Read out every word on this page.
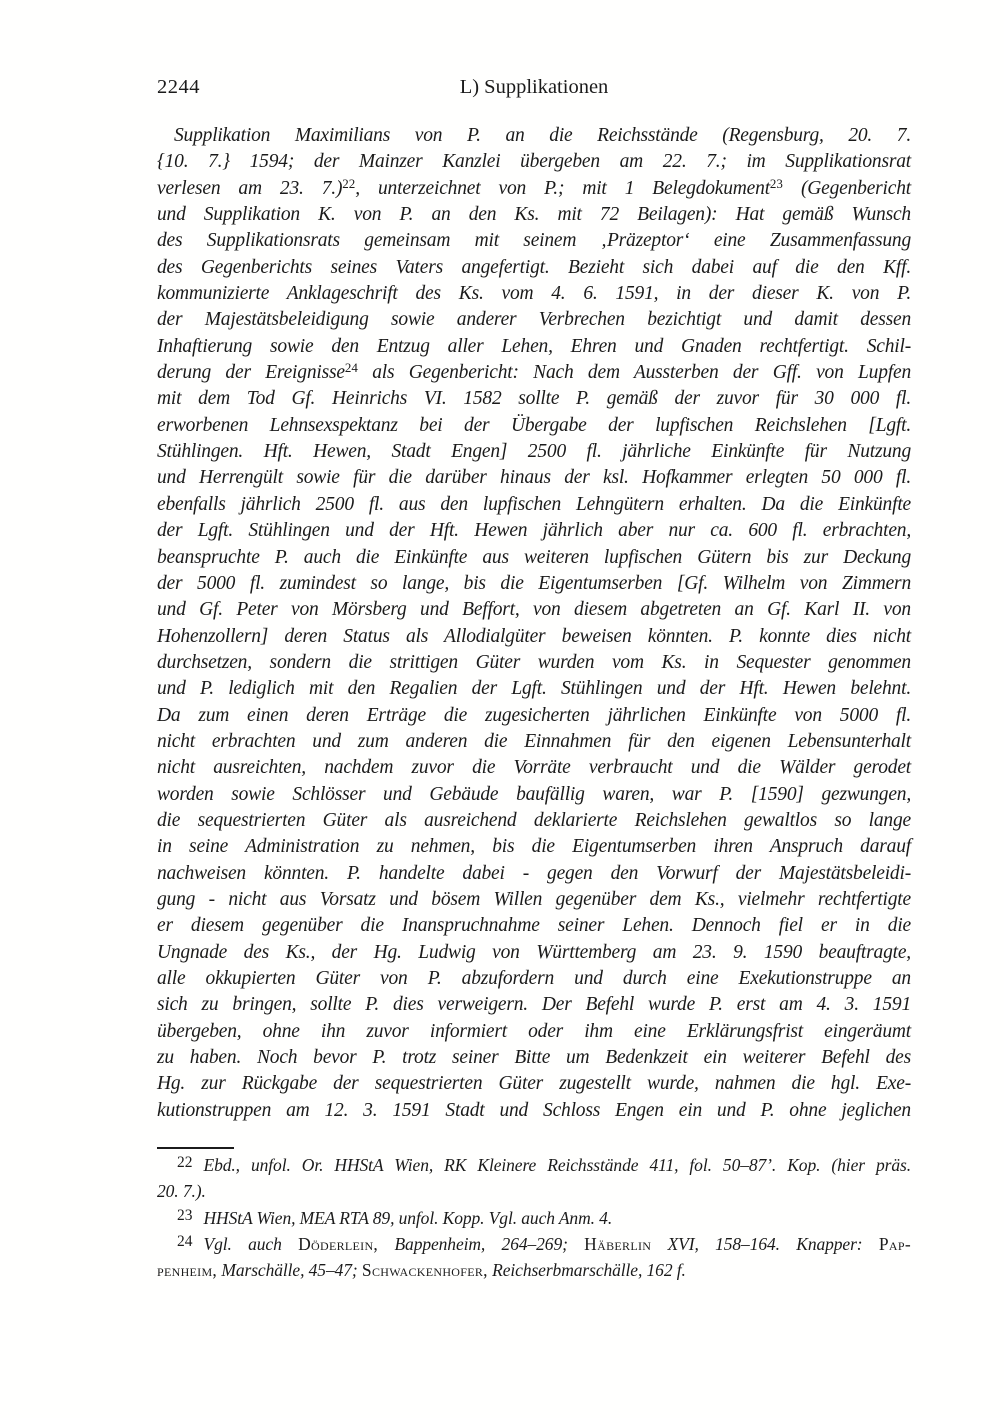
2244	L) Supplikationen
Supplikation Maximilians von P. an die Reichsstände (Regensburg, 20. 7.
{10. 7.} 1594; der Mainzer Kanzlei übergeben am 22. 7.; im Supplikationsrat
verlesen am 23. 7.)$^{22}$, unterzeichnet von P.; mit 1 Belegdokument$^{23}$ (Gegenbericht
und Supplikation K. von P. an den Ks. mit 72 Beilagen): Hat gemäß Wunsch
des Supplikationsrats gemeinsam mit seinem ‚Präzeptor‘ eine Zusammenfassung
des Gegenberichts seines Vaters angefertigt. Bezieht sich dabei auf die den Kff.
kommunizierte Anklageschrift des Ks. vom 4. 6. 1591, in der dieser K. von P.
der Majestätsbeleidigung sowie anderer Verbrechen bezichtigt und damit dessen
Inhaftierung sowie den Entzug aller Lehen, Ehren und Gnaden rechtfertigt. Schil-
derung der Ereignisse$^{24}$ als Gegenbericht: Nach dem Aussterben der Gff. von Lupfen
mit dem Tod Gf. Heinrichs VI. 1582 sollte P. gemäß der zuvor für 30 000 fl.
erworbenen Lehnsexspektanz bei der Übergabe der lupfischen Reichslehen [Lgft.
Stühlingen. Hft. Hewen, Stadt Engen] 2500 fl. jährliche Einkünfte für Nutzung
und Herrengült sowie für die darüber hinaus der ksl. Hofkammer erlegten 50 000 fl.
ebenfalls jährlich 2500 fl. aus den lupfischen Lehngütern erhalten. Da die Einkünfte
der Lgft. Stühlingen und der Hft. Hewen jährlich aber nur ca. 600 fl. erbrachten,
beanspruchte P. auch die Einkünfte aus weiteren lupfischen Gütern bis zur Deckung
der 5000 fl. zumindest so lange, bis die Eigentumserben [Gf. Wilhelm von Zimmern
und Gf. Peter von Mörsberg und Beffort, von diesem abgetreten an Gf. Karl II. von
Hohenzollern] deren Status als Allodialgüter beweisen könnten. P. konnte dies nicht
durchsetzen, sondern die strittigen Güter wurden vom Ks. in Sequester genommen
und P. lediglich mit den Regalien der Lgft. Stühlingen und der Hft. Hewen belehnt.
Da zum einen deren Erträge die zugesicherten jährlichen Einkünfte von 5000 fl.
nicht erbrachten und zum anderen die Einnahmen für den eigenen Lebensunterhalt
nicht ausreichten, nachdem zuvor die Vorräte verbraucht und die Wälder gerodet
worden sowie Schlösser und Gebäude baufällig waren, war P. [1590] gezwungen,
die sequestrierten Güter als ausreichend deklarierte Reichslehen gewaltlos so lange
in seine Administration zu nehmen, bis die Eigentumserben ihren Anspruch darauf
nachweisen könnten. P. handelte dabei - gegen den Vorwurf der Majestätsbeleidi-
gung - nicht aus Vorsatz und bösem Willen gegenüber dem Ks., vielmehr rechtfertigte
er diesem gegenüber die Inanspruchnahme seiner Lehen. Dennoch fiel er in die
Ungnade des Ks., der Hg. Ludwig von Württemberg am 23. 9. 1590 beauftragte,
alle okkupierten Güter von P. abzufordern und durch eine Exekutionstruppe an
sich zu bringen, sollte P. dies verweigern. Der Befehl wurde P. erst am 4. 3. 1591
übergeben, ohne ihn zuvor informiert oder ihm eine Erklärungsfrist eingeräumt
zu haben. Noch bevor P. trotz seiner Bitte um Bedenkzeit ein weiterer Befehl des
Hg. zur Rückgabe der sequestrierten Güter zugestellt wurde, nahmen die hgl. Exe-
kutionstruppen am 12. 3. 1591 Stadt und Schloss Engen ein und P. ohne jeglichen
22 Ebd., unfol. Or. HHStA Wien, RK Kleinere Reichsstände 411, fol. 50–87’. Kop. (hier präs.
20. 7.).
23 HHStA Wien, MEA RTA 89, unfol. Kopp. Vgl. auch Anm. 4.
24 Vgl. auch Döderlein, Bappenheim, 264–269; Häberlin XVI, 158–164. Knapper: Pap-
penheim, Marschälle, 45–47; Schwackenhofer, Reichserbmarschälle, 162 f.
